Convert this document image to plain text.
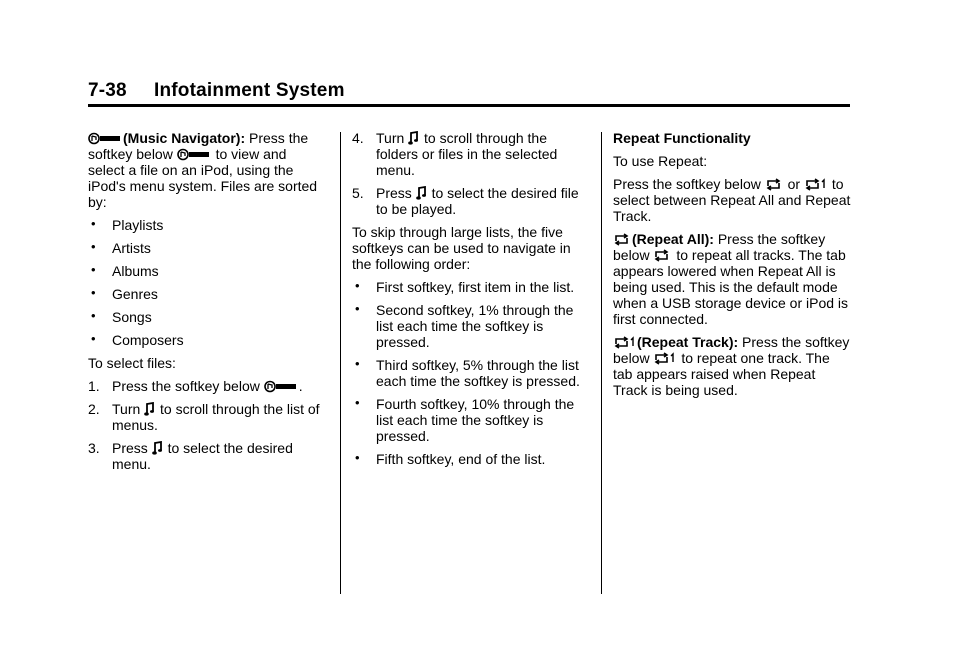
7-38 Infotainment System

(Music Navigator): Press the softkey below	to view and select a file on an iPod, using the iPod's menu system. Files are sorted by:

• Playlists
• Artists
• Albums
• Genres
• Songs
• Composers

To select files:

1. Press the softkey below	.
2. Turn  to scroll through the list of menus.
3. Press  to select the desired menu.
4. Turn  to scroll through the folders or files in the selected menu.
5. Press  to select the desired file to be played.

To skip through large lists, the five softkeys can be used to navigate in the following order:

• First softkey, first item in the list.
• Second softkey, 1% through the list each time the softkey is pressed.
• Third softkey, 5% through the list each time the softkey is pressed.
• Fourth softkey, 10% through the list each time the softkey is pressed.
• Fifth softkey, end of the list.

Repeat Functionality

To use Repeat:

Press the softkey below  or  to select between Repeat All and Repeat Track.

(Repeat All): Press the softkey below  to repeat all tracks. The tab appears lowered when Repeat All is being used. This is the default mode when a USB storage device or iPod is first connected.

(Repeat Track): Press the softkey below  to repeat one track. The tab appears raised when Repeat Track is being used.
